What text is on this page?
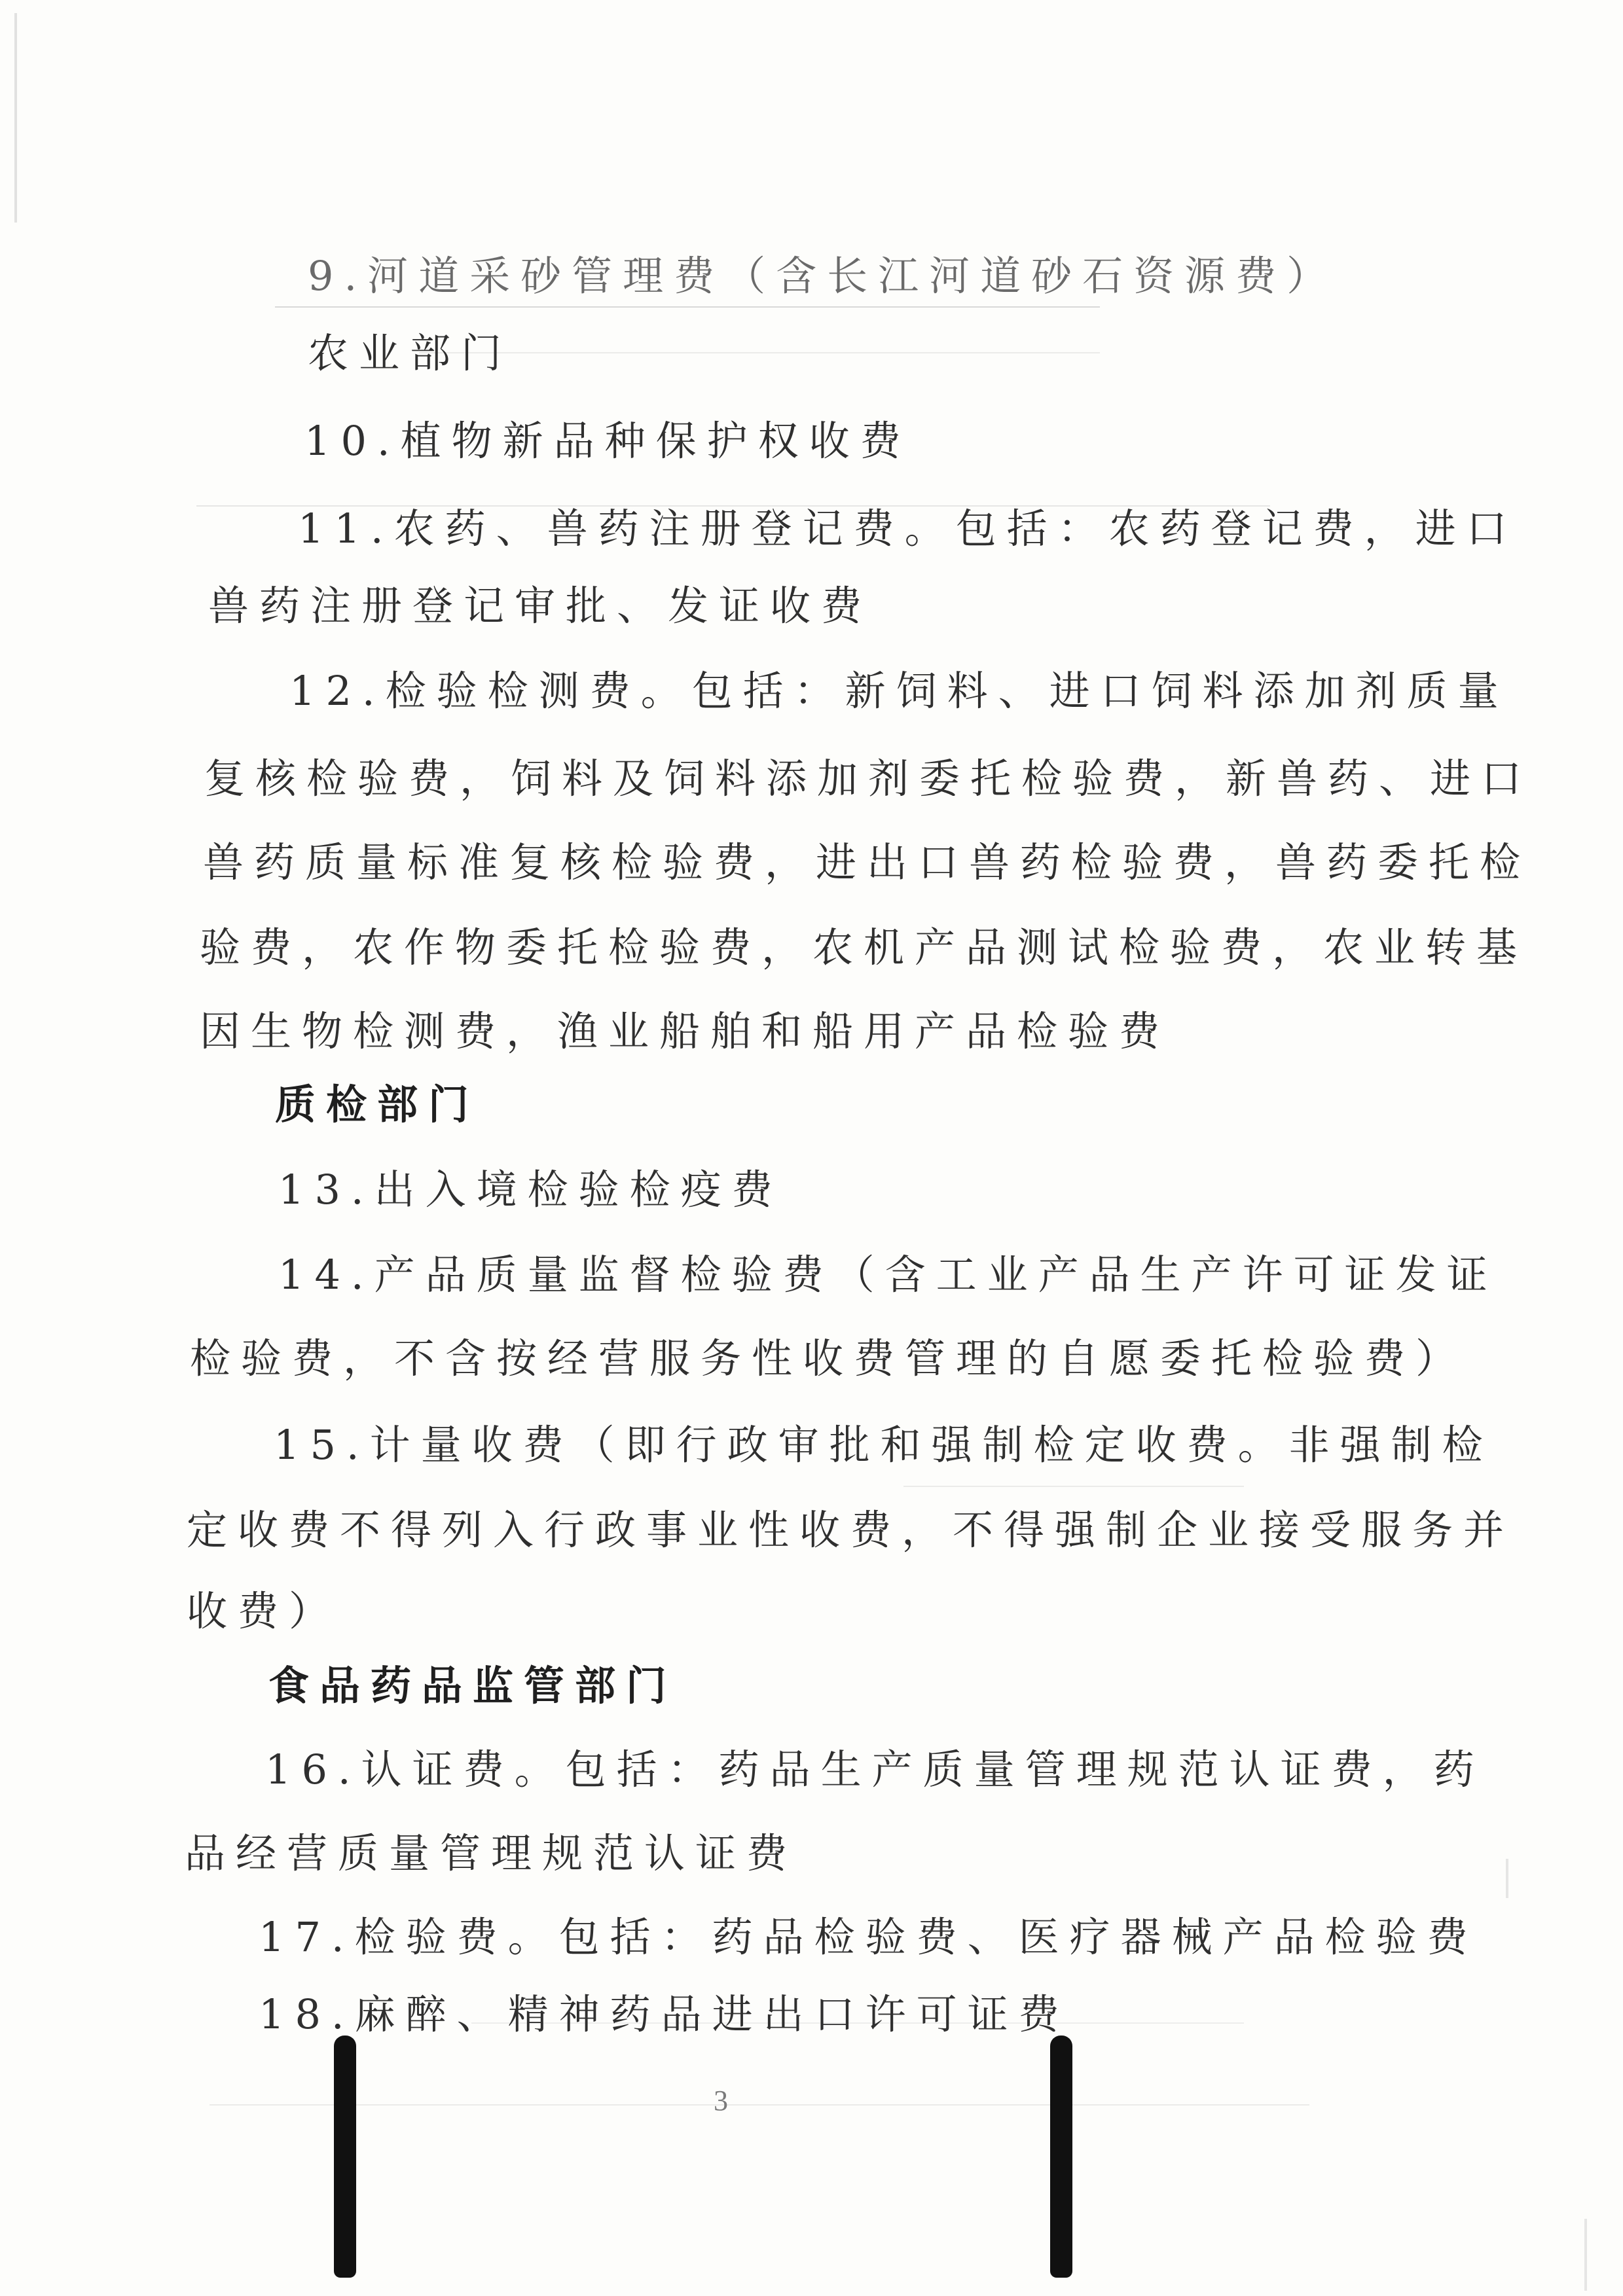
9.河道采砂管理费（含长江河道砂石资源费）
农业部门
10.植物新品种保护权收费
11.农药、兽药注册登记费。包括：农药登记费，进口
兽药注册登记审批、发证收费
12.检验检测费。包括：新饲料、进口饲料添加剂质量
复核检验费，饲料及饲料添加剂委托检验费，新兽药、进口
兽药质量标准复核检验费，进出口兽药检验费，兽药委托检
验费，农作物委托检验费，农机产品测试检验费，农业转基
因生物检测费，渔业船舶和船用产品检验费
质检部门
13.出入境检验检疫费
14.产品质量监督检验费（含工业产品生产许可证发证
检验费，不含按经营服务性收费管理的自愿委托检验费）
15.计量收费（即行政审批和强制检定收费。非强制检
定收费不得列入行政事业性收费，不得强制企业接受服务并
收费）
食品药品监管部门
16.认证费。包括：药品生产质量管理规范认证费，药
品经营质量管理规范认证费
17.检验费。包括：药品检验费、医疗器械产品检验费
18.麻醉、精神药品进出口许可证费
3
